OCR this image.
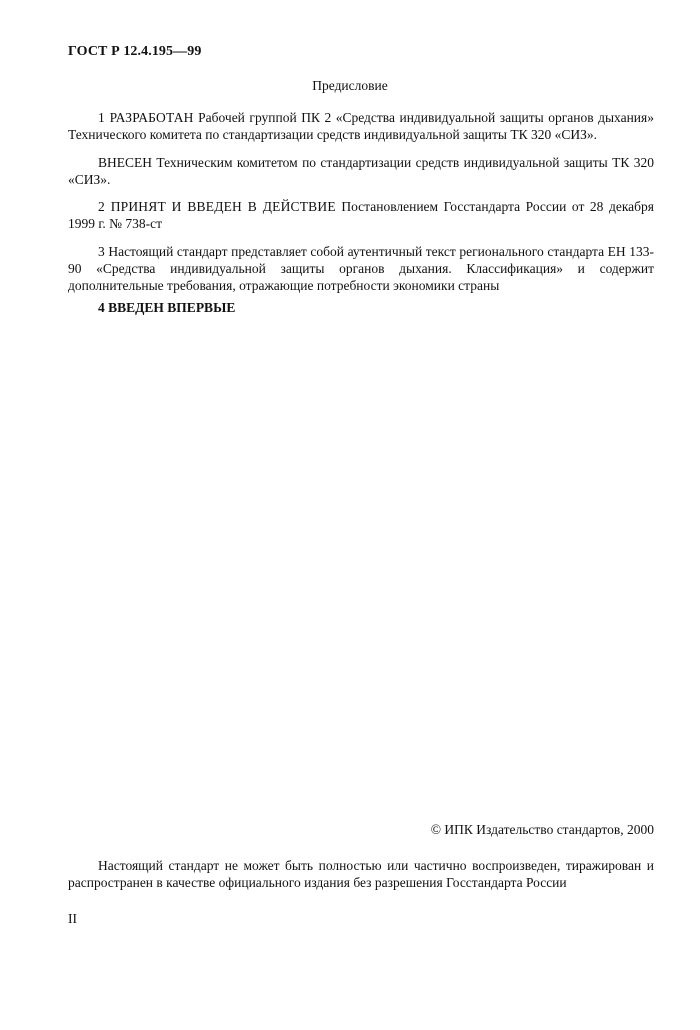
ГОСТ Р 12.4.195—99
Предисловие
1 РАЗРАБОТАН Рабочей группой ПК 2 «Средства индивидуальной защиты органов дыхания» Технического комитета по стандартизации средств индивидуальной защиты ТК 320 «СИЗ».
ВНЕСЕН Техническим комитетом по стандартизации средств индивидуальной защиты ТК 320 «СИЗ».
2 ПРИНЯТ И ВВЕДЕН В ДЕЙСТВИЕ Постановлением Госстандарта России от 28 декабря 1999 г. № 738-ст
3 Настоящий стандарт представляет собой аутентичный текст регионального стандарта ЕН 133-90 «Средства индивидуальной защиты органов дыхания. Классификация» и содержит дополнительные требования, отражающие потребности экономики страны
4 ВВЕДЕН ВПЕРВЫЕ
© ИПК Издательство стандартов, 2000
Настоящий стандарт не может быть полностью или частично воспроизведен, тиражирован и распространен в качестве официального издания без разрешения Госстандарта России
II
